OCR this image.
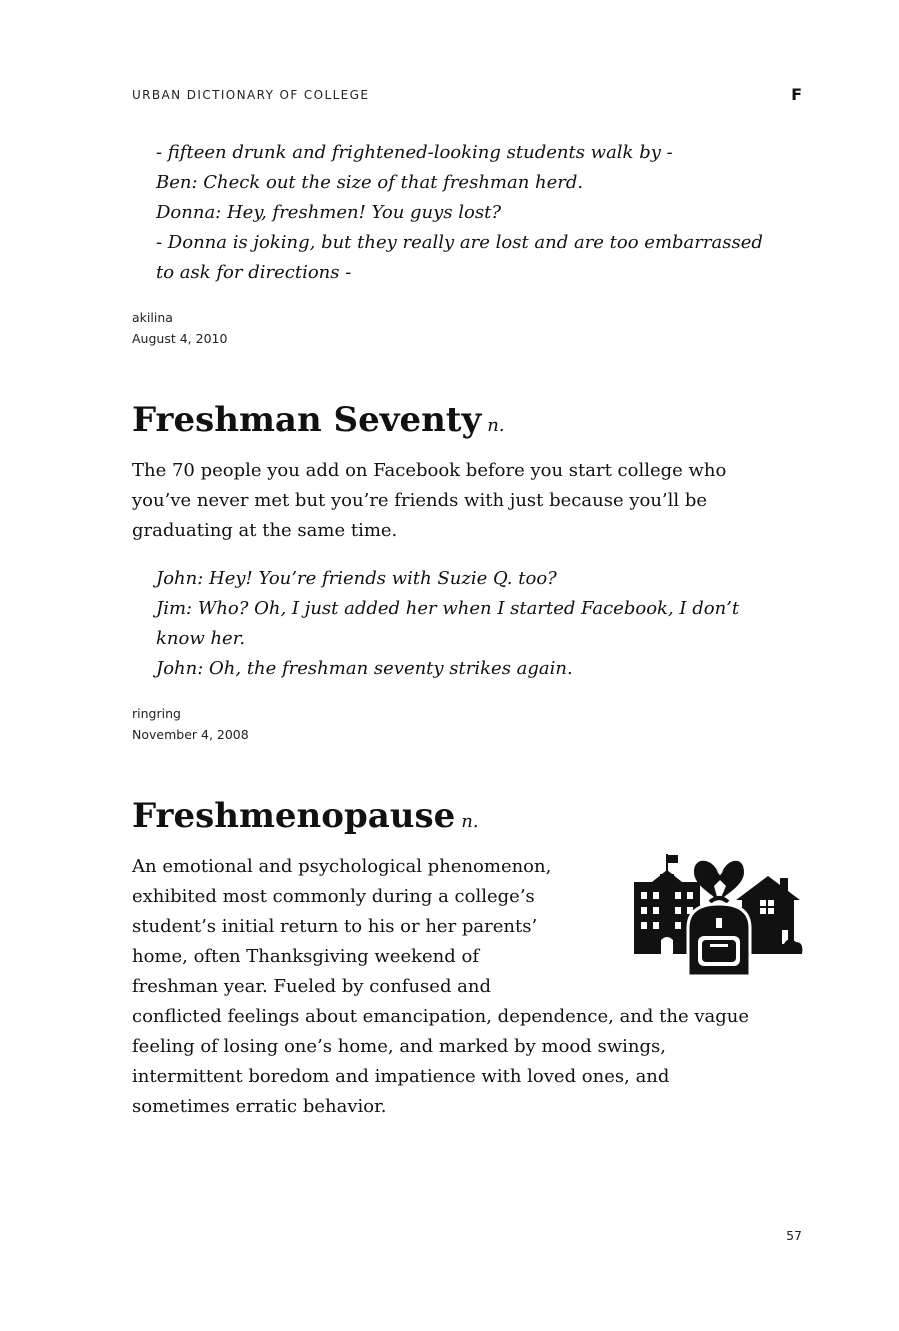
URBAN DICTIONARY OF COLLEGE	F
- fifteen drunk and frightened-looking students walk by -
Ben: Check out the size of that freshman herd.
Donna: Hey, freshmen! You guys lost?
- Donna is joking, but they really are lost and are too embarrassed
to ask for directions -
akilina
August 4, 2010
Freshman Seventy n.
The 70 people you add on Facebook before you start college who
you’ve never met but you’re friends with just because you’ll be
graduating at the same time.
John: Hey! You’re friends with Suzie Q. too?
Jim: Who? Oh, I just added her when I started Facebook, I don’t
know her.
John: Oh, the freshman seventy strikes again.
ringring
November 4, 2008
Freshmenopause n.
An emotional and psychological phenomenon,
exhibited most commonly during a college’s
student’s initial return to his or her parents’
home, often Thanksgiving weekend of
freshman year. Fueled by confused and
conflicted feelings about emancipation, dependence, and the vague
feeling of losing one’s home, and marked by mood swings,
intermittent boredom and impatience with loved ones, and
sometimes erratic behavior.
57
